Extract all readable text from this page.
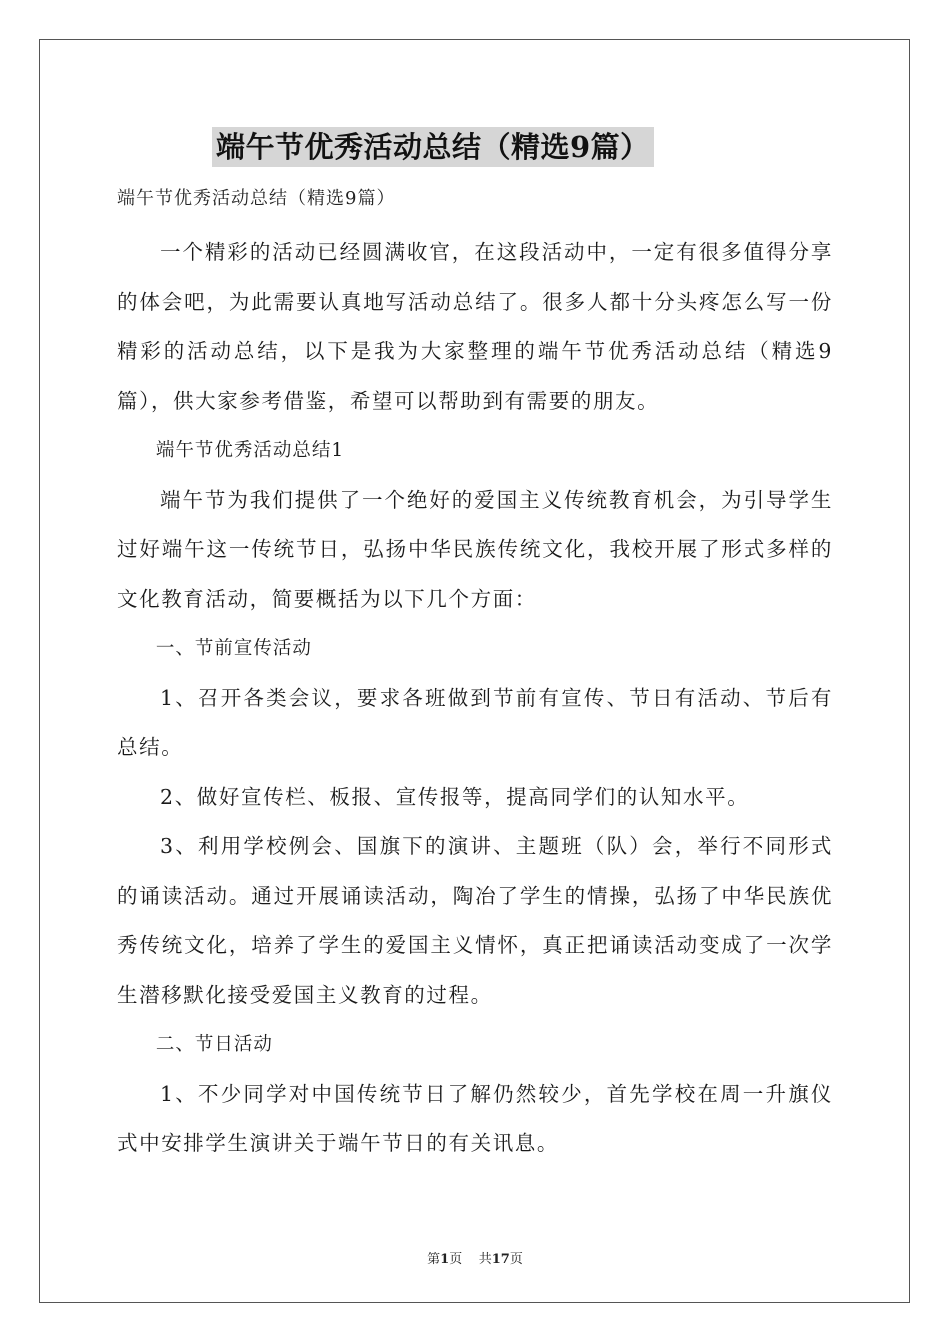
端午节优秀活动总结（精选9篇）
端午节优秀活动总结（精选9篇）

一个精彩的活动已经圆满收官，在这段活动中，一定有很多值得分享的体会吧，为此需要认真地写活动总结了。很多人都十分头疼怎么写一份精彩的活动总结，以下是我为大家整理的端午节优秀活动总结（精选9篇），供大家参考借鉴，希望可以帮助到有需要的朋友。

端午节优秀活动总结1

端午节为我们提供了一个绝好的爱国主义传统教育机会，为引导学生过好端午这一传统节日，弘扬中华民族传统文化，我校开展了形式多样的文化教育活动，简要概括为以下几个方面：

一、节前宣传活动

1、召开各类会议，要求各班做到节前有宣传、节日有活动、节后有总结。

2、做好宣传栏、板报、宣传报等，提高同学们的认知水平。

3、利用学校例会、国旗下的演讲、主题班（队）会，举行不同形式的诵读活动。通过开展诵读活动，陶冶了学生的情操，弘扬了中华民族优秀传统文化，培养了学生的爱国主义情怀，真正把诵读活动变成了一次学生潜移默化接受爱国主义教育的过程。

二、节日活动

1、不少同学对中国传统节日了解仍然较少，首先学校在周一升旗仪式中安排学生演讲关于端午节日的有关讯息。

第1页 共17页
